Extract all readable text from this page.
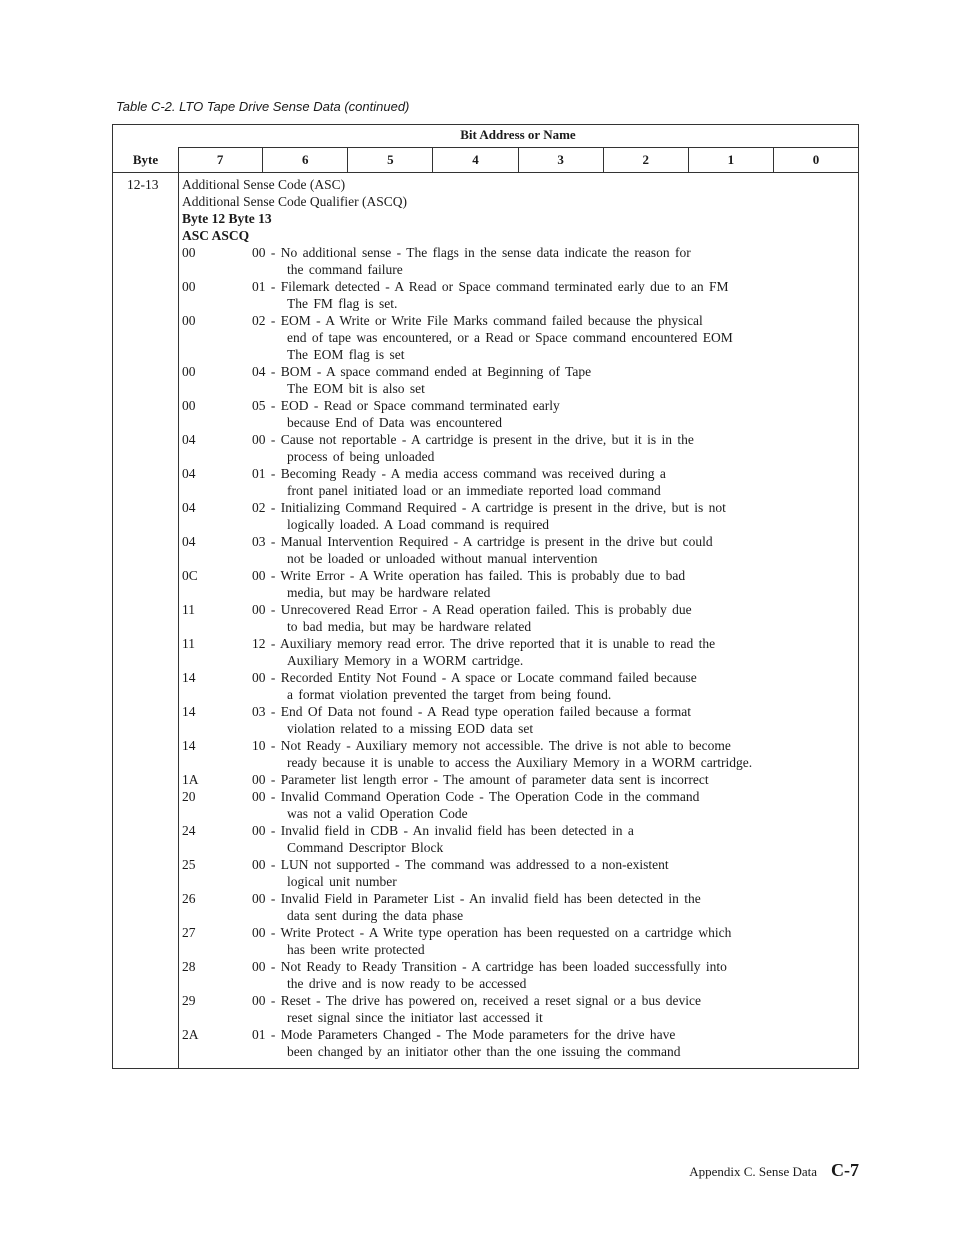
Table C-2. LTO Tape Drive Sense Data (continued)
Bit Address or Name
Byte	7	6	5	4	3	2	1	0
12-13 Additional Sense Code (ASC)
Additional Sense Code Qualifier (ASCQ)
Byte 12 Byte 13
ASC ASCQ
00	00 - No additional sense - The flags in the sense data indicate the reason for
the command failure
00	01 - Filemark detected - A Read or Space command terminated early due to an FM
The FM flag is set.
00	02 - EOM - A Write or Write File Marks command failed because the physical
end of tape was encountered, or a Read or Space command encountered EOM
The EOM flag is set
00	04 - BOM - A space command ended at Beginning of Tape
The EOM bit is also set
00	05 - EOD - Read or Space command terminated early
because End of Data was encountered
04	00 - Cause not reportable - A cartridge is present in the drive, but it is in the
process of being unloaded
04	01 - Becoming Ready - A media access command was received during a
front panel initiated load or an immediate reported load command
04	02 - Initializing Command Required - A cartridge is present in the drive, but is not
logically loaded. A Load command is required
04	03 - Manual Intervention Required - A cartridge is present in the drive but could
not be loaded or unloaded without manual intervention
0C	00 - Write Error - A Write operation has failed. This is probably due to bad
media, but may be hardware related
11	00 - Unrecovered Read Error - A Read operation failed. This is probably due
to bad media, but may be hardware related
11	12 - Auxiliary memory read error. The drive reported that it is unable to read the
Auxiliary Memory in a WORM cartridge.
14	00 - Recorded Entity Not Found - A space or Locate command failed because
a format violation prevented the target from being found.
14	03 - End Of Data not found - A Read type operation failed because a format
violation related to a missing EOD data set
14	10 - Not Ready - Auxiliary memory not accessible. The drive is not able to become
ready because it is unable to access the Auxiliary Memory in a WORM cartridge.
1A	00 - Parameter list length error - The amount of parameter data sent is incorrect
20	00 - Invalid Command Operation Code - The Operation Code in the command
was not a valid Operation Code
24	00 - Invalid field in CDB - An invalid field has been detected in a
Command Descriptor Block
25	00 - LUN not supported - The command was addressed to a non-existent
logical unit number
26	00 - Invalid Field in Parameter List - An invalid field has been detected in the
data sent during the data phase
27	00 - Write Protect - A Write type operation has been requested on a cartridge which
has been write protected
28	00 - Not Ready to Ready Transition - A cartridge has been loaded successfully into
the drive and is now ready to be accessed
29	00 - Reset - The drive has powered on, received a reset signal or a bus device
reset signal since the initiator last accessed it
2A	01 - Mode Parameters Changed - The Mode parameters for the drive have
been changed by an initiator other than the one issuing the command
Appendix C. Sense Data C-7
